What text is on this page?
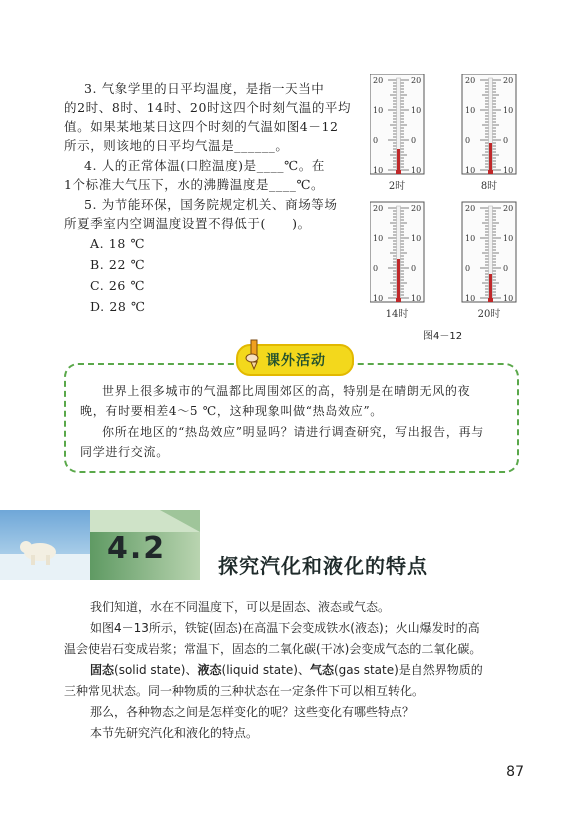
3. 气象学里的日平均温度，是指一天当中
的2时、8时、14时、20时这四个时刻气温的平均
值。如果某地某日这四个时刻的气温如图4－12
所示，则该地的日平均气温是______。
4. 人的正常体温(口腔温度)是____℃。在
1个标准大气压下，水的沸腾温度是____℃。
5. 为节能环保，国务院规定机关、商场等场
所夏季室内空调温度设置不得低于(　　)。
A. 18 ℃
B. 22 ℃
C. 26 ℃
D. 28 ℃
20	20
10	10
0	0
10	10
2时
20	20
10	10
0	0
10	10
8时
20	20
10	10
0	0
10	10
14时
20	20
10	10
0	0
10	10
20时
图4－12
课外活动
世界上很多城市的气温都比周围郊区的高，特别是在晴朗无风的夜
晚，有时要相差4～5 ℃，这种现象叫做“热岛效应”。
你所在地区的“热岛效应”明显吗？请进行调查研究，写出报告，再与
同学进行交流。
4.2	探究汽化和液化的特点
我们知道，水在不同温度下，可以是固态、液态或气态。
如图4－13所示，铁锭(固态)在高温下会变成铁水(液态)；火山爆发时的高
温会使岩石变成岩浆；常温下，固态的二氧化碳(干冰)会变成气态的二氧化碳。
固态(solid state)、液态(liquid state)、气态(gas state)是自然界物质的
三种常见状态。同一种物质的三种状态在一定条件下可以相互转化。
那么，各种物态之间是怎样变化的呢？这些变化有哪些特点？
本节先研究汽化和液化的特点。
87
